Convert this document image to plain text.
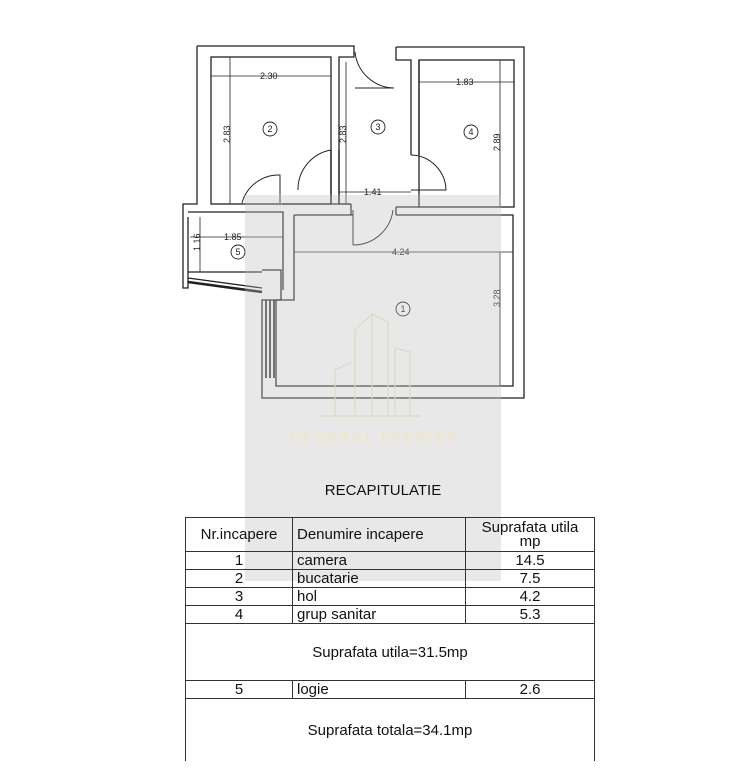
2.30
2.83	2.83
1.83
2.89
1.41
1.85
1.16
4.24
3.28
1
2	3	4
5
GENERAL ESTATES
RECAPITULATIE
Nr.incapere	Denumire incapere	Suprafata utila mp
1	camera	14.5
2	bucatarie	7.5
3	hol	4.2
4	grup sanitar	5.3
Suprafata utila=31.5mp		
5	logie	2.6
Suprafata totala=34.1mp		
